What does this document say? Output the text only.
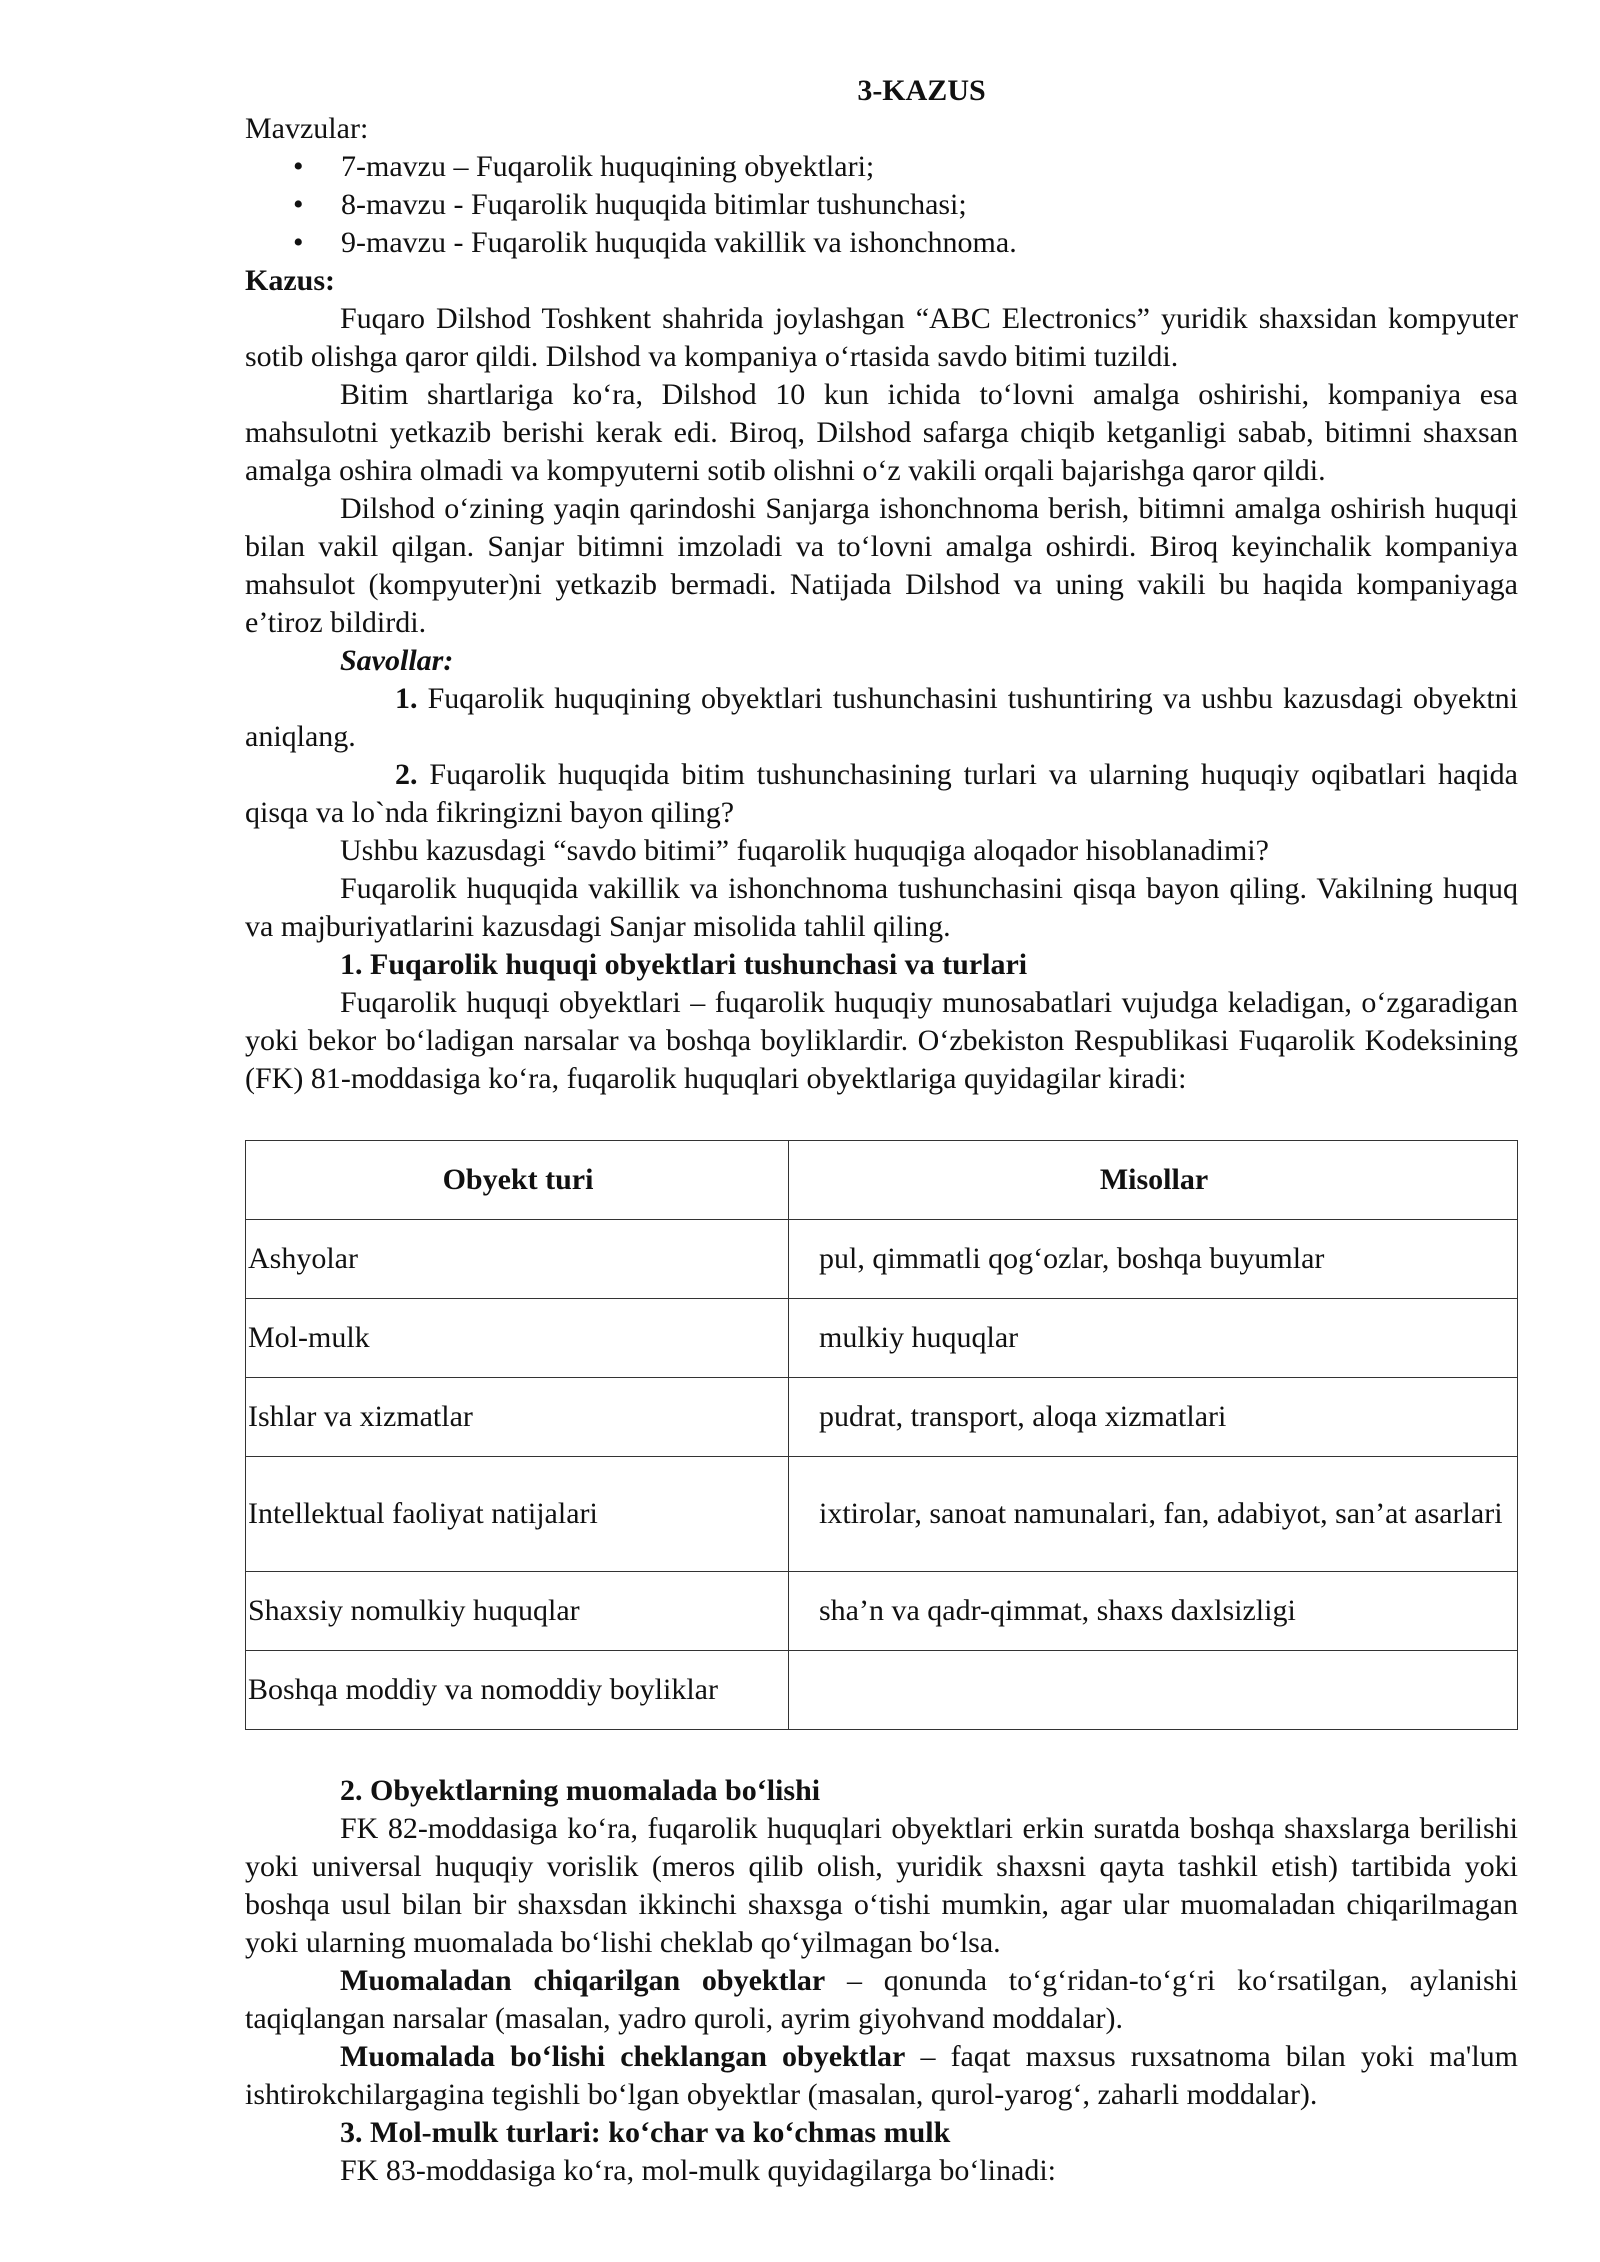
3-KAZUS

Mavzular:

• 7-mavzu – Fuqarolik huquqining obyektlari;
• 8-mavzu - Fuqarolik huquqida bitimlar tushunchasi;
• 9-mavzu - Fuqarolik huquqida vakillik va ishonchnoma.

Kazus:

Fuqaro Dilshod Toshkent shahrida joylashgan “ABC Electronics” yuridik shaxsidan kompyuter sotib olishga qaror qildi. Dilshod va kompaniya o‘rtasida savdo bitimi tuzildi.

Bitim shartlariga ko‘ra, Dilshod 10 kun ichida to‘lovni amalga oshirishi, kompaniya esa mahsulotni yetkazib berishi kerak edi. Biroq, Dilshod safarga chiqib ketganligi sabab, bitimni shaxsan amalga oshira olmadi va kompyuterni sotib olishni o‘z vakili orqali bajarishga qaror qildi.

Dilshod o‘zining yaqin qarindoshi Sanjarga ishonchnoma berish, bitimni amalga oshirish huquqi bilan vakil qilgan. Sanjar bitimni imzoladi va to‘lovni amalga oshirdi. Biroq keyinchalik kompaniya mahsulot (kompyuter)ni yetkazib bermadi. Natijada Dilshod va uning vakili bu haqida kompaniyaga e’tiroz bildirdi.

Savollar:

1. Fuqarolik huquqining obyektlari tushunchasini tushuntiring va ushbu kazusdagi obyektni aniqlang.

2. Fuqarolik huquqida bitim tushunchasining turlari va ularning huquqiy oqibatlari haqida qisqa va lo`nda fikringizni bayon qiling?

Ushbu kazusdagi “savdo bitimi” fuqarolik huquqiga aloqador hisoblanadimi?

Fuqarolik huquqida vakillik va ishonchnoma tushunchasini qisqa bayon qiling. Vakilning huquq va majburiyatlarini kazusdagi Sanjar misolida tahlil qiling.

1. Fuqarolik huquqi obyektlari tushunchasi va turlari

Fuqarolik huquqi obyektlari – fuqarolik huquqiy munosabatlari vujudga keladigan, o‘zgaradigan yoki bekor bo‘ladigan narsalar va boshqa boyliklardir. O‘zbekiston Respublikasi Fuqarolik Kodeksining (FK) 81-moddasiga ko‘ra, fuqarolik huquqlari obyektlariga quyidagilar kiradi:

Obyekt turi	Misollar
Ashyolar	pul, qimmatli qog‘ozlar, boshqa buyumlar
Mol-mulk	mulkiy huquqlar
Ishlar va xizmatlar	pudrat, transport, aloqa xizmatlari
Intellektual faoliyat natijalari	ixtirolar, sanoat namunalari, fan, adabiyot, san’at asarlari
Shaxsiy nomulkiy huquqlar	sha’n va qadr-qimmat, shaxs daxlsizligi
Boshqa moddiy va nomoddiy boyliklar	

2. Obyektlarning muomalada bo‘lishi

FK 82-moddasiga ko‘ra, fuqarolik huquqlari obyektlari erkin suratda boshqa shaxslarga berilishi yoki universal huquqiy vorislik (meros qilib olish, yuridik shaxsni qayta tashkil etish) tartibida yoki boshqa usul bilan bir shaxsdan ikkinchi shaxsga o‘tishi mumkin, agar ular muomaladan chiqarilmagan yoki ularning muomalada bo‘lishi cheklab qo‘yilmagan bo‘lsa.

Muomaladan chiqarilgan obyektlar – qonunda to‘g‘ridan-to‘g‘ri ko‘rsatilgan, aylanishi taqiqlangan narsalar (masalan, yadro quroli, ayrim giyohvand moddalar).

Muomalada bo‘lishi cheklangan obyektlar – faqat maxsus ruxsatnoma bilan yoki ma'lum ishtirokchilargagina tegishli bo‘lgan obyektlar (masalan, qurol-yarog‘, zaharli moddalar).

3. Mol-mulk turlari: ko‘char va ko‘chmas mulk

FK 83-moddasiga ko‘ra, mol-mulk quyidagilarga bo‘linadi:
